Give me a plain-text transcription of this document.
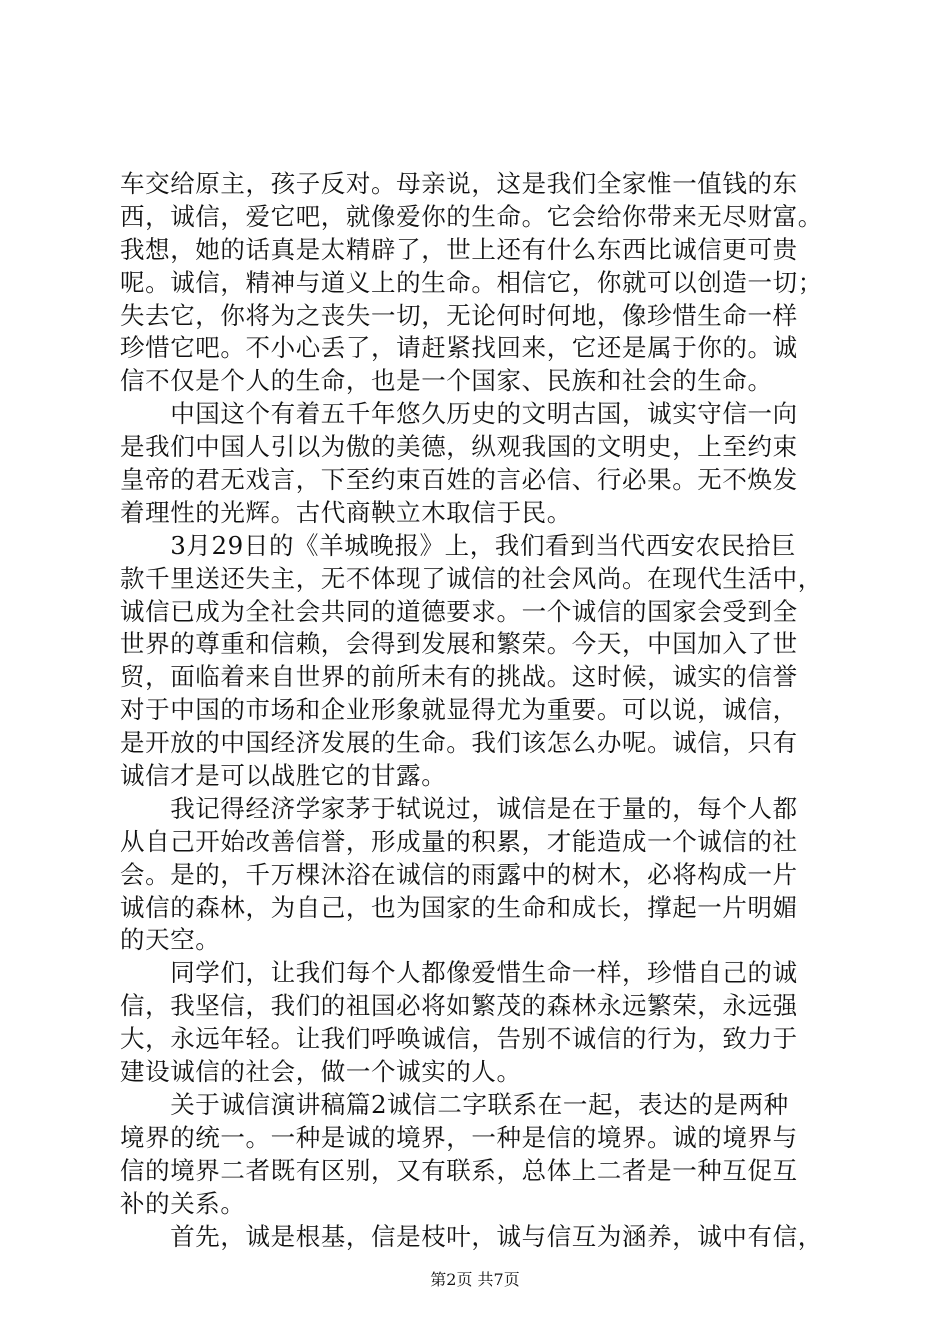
车交给原主，孩子反对。母亲说，这是我们全家惟一值钱的东
西，诚信，爱它吧，就像爱你的生命。它会给你带来无尽财富。
我想，她的话真是太精辟了，世上还有什么东西比诚信更可贵
呢。诚信，精神与道义上的生命。相信它，你就可以创造一切；
失去它，你将为之丧失一切，无论何时何地，像珍惜生命一样
珍惜它吧。不小心丢了，请赶紧找回来，它还是属于你的。诚
信不仅是个人的生命，也是一个国家、民族和社会的生命。
　　中国这个有着五千年悠久历史的文明古国，诚实守信一向
是我们中国人引以为傲的美德，纵观我国的文明史，上至约束
皇帝的君无戏言，下至约束百姓的言必信、行必果。无不焕发
着理性的光辉。古代商鞅立木取信于民。
　　3月29日的《羊城晚报》上，我们看到当代西安农民拾巨
款千里送还失主，无不体现了诚信的社会风尚。在现代生活中，
诚信已成为全社会共同的道德要求。一个诚信的国家会受到全
世界的尊重和信赖，会得到发展和繁荣。今天，中国加入了世
贸，面临着来自世界的前所未有的挑战。这时候，诚实的信誉
对于中国的市场和企业形象就显得尤为重要。可以说，诚信，
是开放的中国经济发展的生命。我们该怎么办呢。诚信，只有
诚信才是可以战胜它的甘露。
　　我记得经济学家茅于轼说过，诚信是在于量的，每个人都
从自己开始改善信誉，形成量的积累，才能造成一个诚信的社
会。是的，千万棵沐浴在诚信的雨露中的树木，必将构成一片
诚信的森林，为自己，也为国家的生命和成长，撑起一片明媚
的天空。
　　同学们，让我们每个人都像爱惜生命一样，珍惜自己的诚
信，我坚信，我们的祖国必将如繁茂的森林永远繁荣，永远强
大，永远年轻。让我们呼唤诚信，告别不诚信的行为，致力于
建设诚信的社会，做一个诚实的人。
　　关于诚信演讲稿篇2诚信二字联系在一起，表达的是两种
境界的统一。一种是诚的境界，一种是信的境界。诚的境界与
信的境界二者既有区别，又有联系，总体上二者是一种互促互
补的关系。
　　首先，诚是根基，信是枝叶，诚与信互为涵养，诚中有信，
第2页 共7页
